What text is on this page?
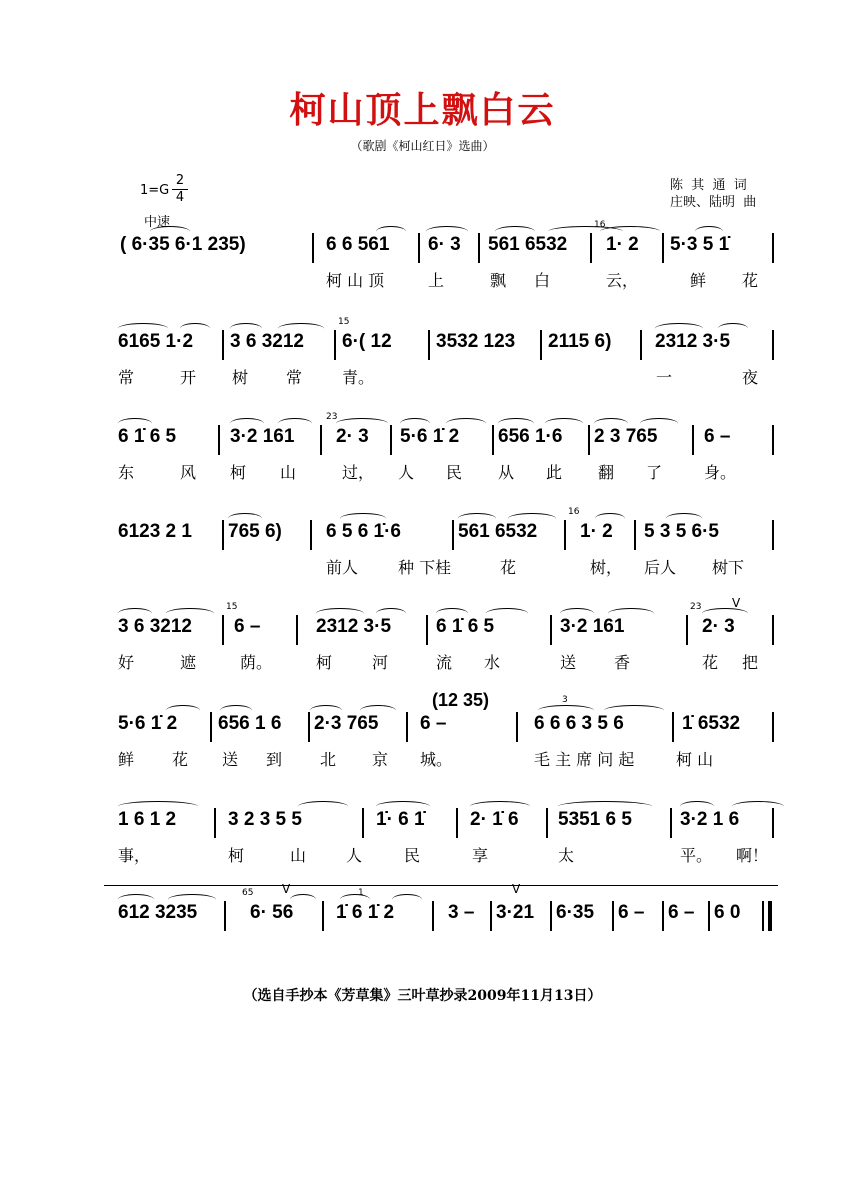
柯山顶上飘白云
（歌剧《柯山红日》选曲）
1=G
2
4
中速
陈  其  通  词
庄映、陆明  曲
16
( 6·35 6·1 235)	6 6 561 6· 3 561 6532 1· 2 5·3 5 1̇
柯 山 顶	上	飘 白	云，	鲜 花
15
6165 1·2 3 6 3212 6·( 12 3532 123 2115 6) 2312 3·5
常	开 树 常 青。	一	夜
23
6 1̇ 6 5	3·2 161 2· 3 5·6 1̇ 2 656 1·6 2 3 765 6 –
东	风 柯 山	过， 人 民 从 此 翻 了	身。
16
6123 2 1 765 6) 6 5 6 1̇·6	561 6532 1· 2 5 3 5 6·5
前人 种 下桂	花	树， 后人 树下
15	23	V
3 6 3212 6 –	2312 3·5 6 1̇ 6 5	3·2 161	2· 3
好	遮	荫。	柯 河	流 水	送 香	花 把
(12 35)	3
5·6 1̇ 2 656 1 6 2·3 765 6 –	6 6 6 3 5 6	1̇ 6532
鲜 花 送 到 北 京 城。	毛 主 席 问 起	柯 山
1 6 1 2	3 2 3 5 5	1̇· 6 1̇ 2· 1̇ 6 5351 6 5	3·2 1 6
事，	柯	山 人	民	享	太	平。 啊！
65	1
V	V
612 3235	6· 56 1̇ 6 1̇ 2	3 – 3·21 6·35 6 – 6 – 6 0
（选自手抄本《芳草集》三叶草抄录2009年11月13日）
